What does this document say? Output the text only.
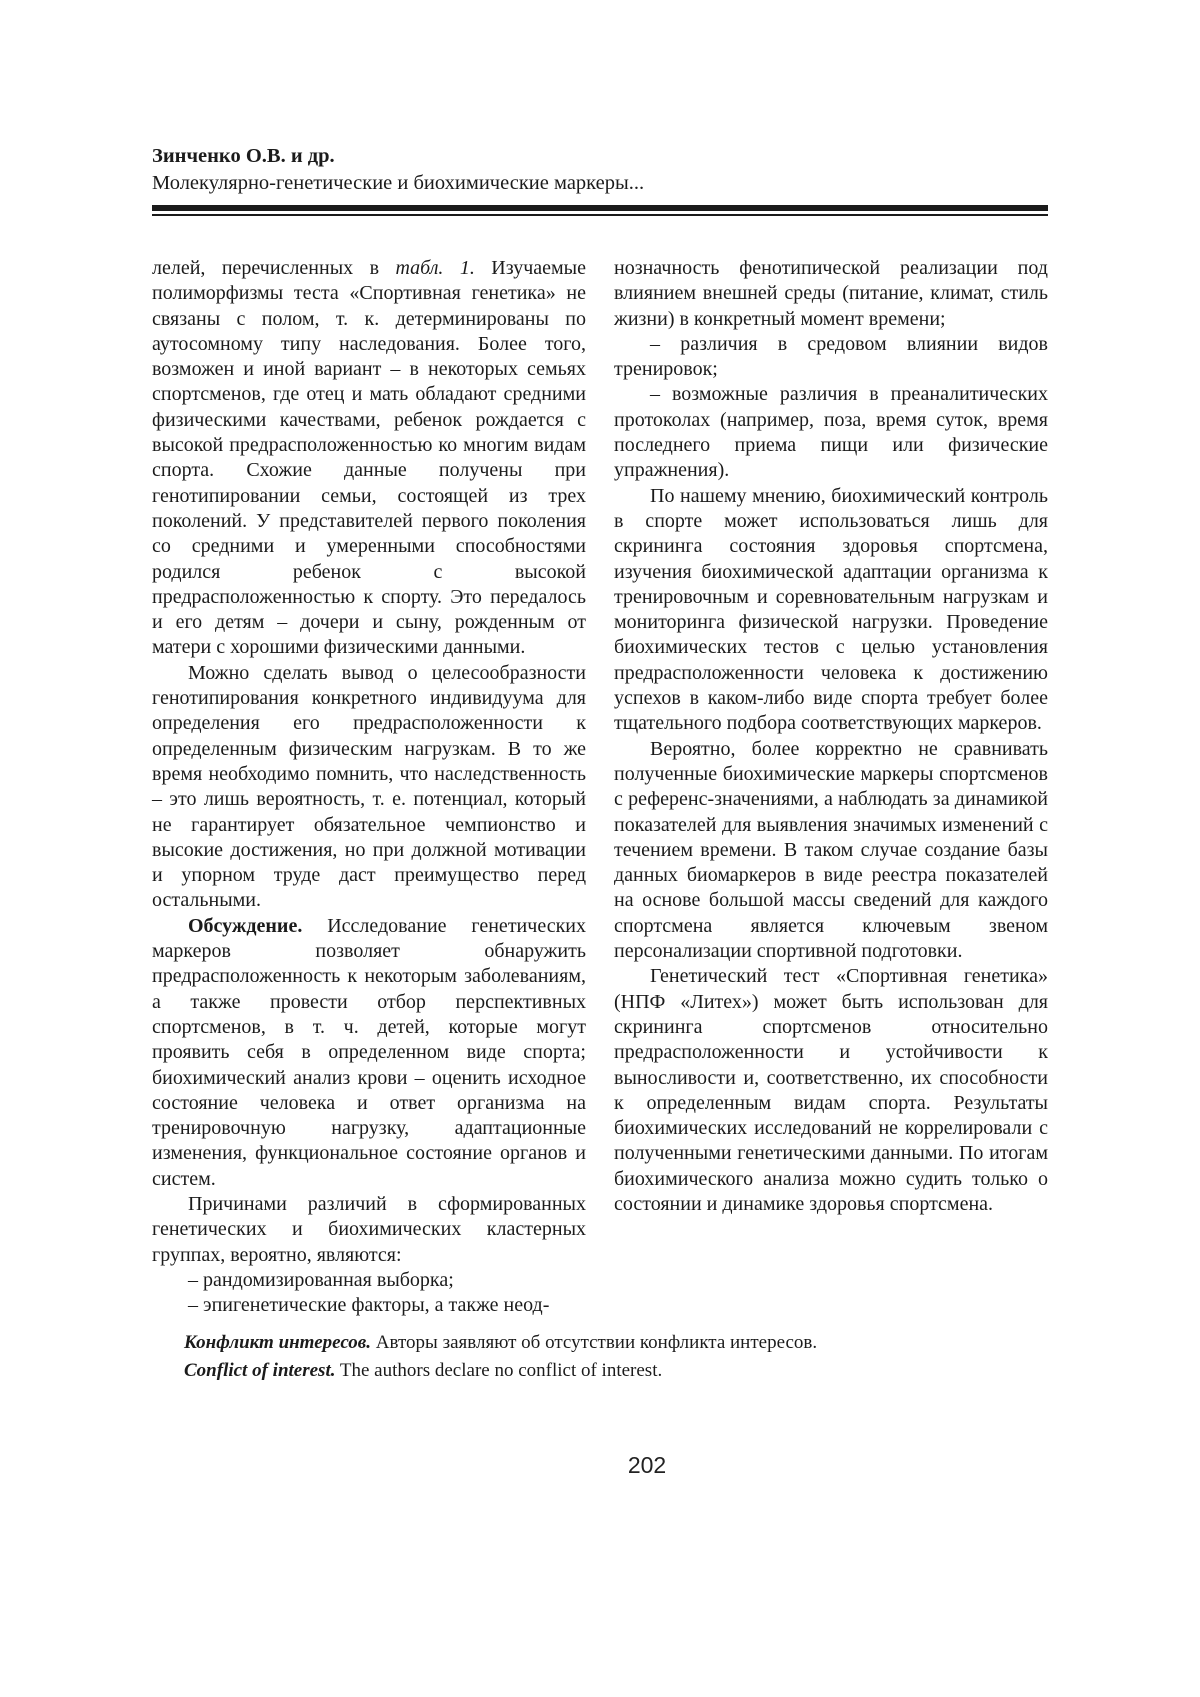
Зинченко О.В. и др.
Молекулярно-генетические и биохимические маркеры...

лелей, перечисленных в табл. 1. Изучаемые полиморфизмы теста «Спортивная генетика» не связаны с полом, т. к. детерминированы по аутосомному типу наследования. Более того, возможен и иной вариант – в некоторых семьях спортсменов, где отец и мать обладают средними физическими качествами, ребенок рождается с высокой предрасположенностью ко многим видам спорта. Схожие данные получены при генотипировании семьи, состоящей из трех поколений. У представителей первого поколения со средними и умеренными способностями родился ребенок с высокой предрасположенностью к спорту. Это передалось и его детям – дочери и сыну, рожденным от матери с хорошими физическими данными.

Можно сделать вывод о целесообразности генотипирования конкретного индивидуума для определения его предрасположенности к определенным физическим нагрузкам. В то же время необходимо помнить, что наследственность – это лишь вероятность, т. е. потенциал, который не гарантирует обязательное чемпионство и высокие достижения, но при должной мотивации и упорном труде даст преимущество перед остальными.

Обсуждение. Исследование генетических маркеров позволяет обнаружить предрасположенность к некоторым заболеваниям, а также провести отбор перспективных спортсменов, в т. ч. детей, которые могут проявить себя в определенном виде спорта; биохимический анализ крови – оценить исходное состояние человека и ответ организма на тренировочную нагрузку, адаптационные изменения, функциональное состояние органов и систем.

Причинами различий в сформированных генетических и биохимических кластерных группах, вероятно, являются:

– рандомизированная выборка;

– эпигенетические факторы, а также неод-

нозначность фенотипической реализации под влиянием внешней среды (питание, климат, стиль жизни) в конкретный момент времени;

– различия в средовом влиянии видов тренировок;

– возможные различия в преаналитических протоколах (например, поза, время суток, время последнего приема пищи или физические упражнения).

По нашему мнению, биохимический контроль в спорте может использоваться лишь для скрининга состояния здоровья спортсмена, изучения биохимической адаптации организма к тренировочным и соревновательным нагрузкам и мониторинга физической нагрузки. Проведение биохимических тестов с целью установления предрасположенности человека к достижению успехов в каком-либо виде спорта требует более тщательного подбора соответствующих маркеров.

Вероятно, более корректно не сравнивать полученные биохимические маркеры спортсменов с референс-значениями, а наблюдать за динамикой показателей для выявления значимых изменений с течением времени. В таком случае создание базы данных биомаркеров в виде реестра показателей на основе большой массы сведений для каждого спортсмена является ключевым звеном персонализации спортивной подготовки.

Генетический тест «Спортивная генетика» (НПФ «Литех») может быть использован для скрининга спортсменов относительно предрасположенности и устойчивости к выносливости и, соответственно, их способности к определенным видам спорта. Результаты биохимических исследований не коррелировали с полученными генетическими данными. По итогам биохимического анализа можно судить только о состоянии и динамике здоровья спортсмена.

Конфликт интересов. Авторы заявляют об отсутствии конфликта интересов.

Conflict of interest. The authors declare no conflict of interest.

202
